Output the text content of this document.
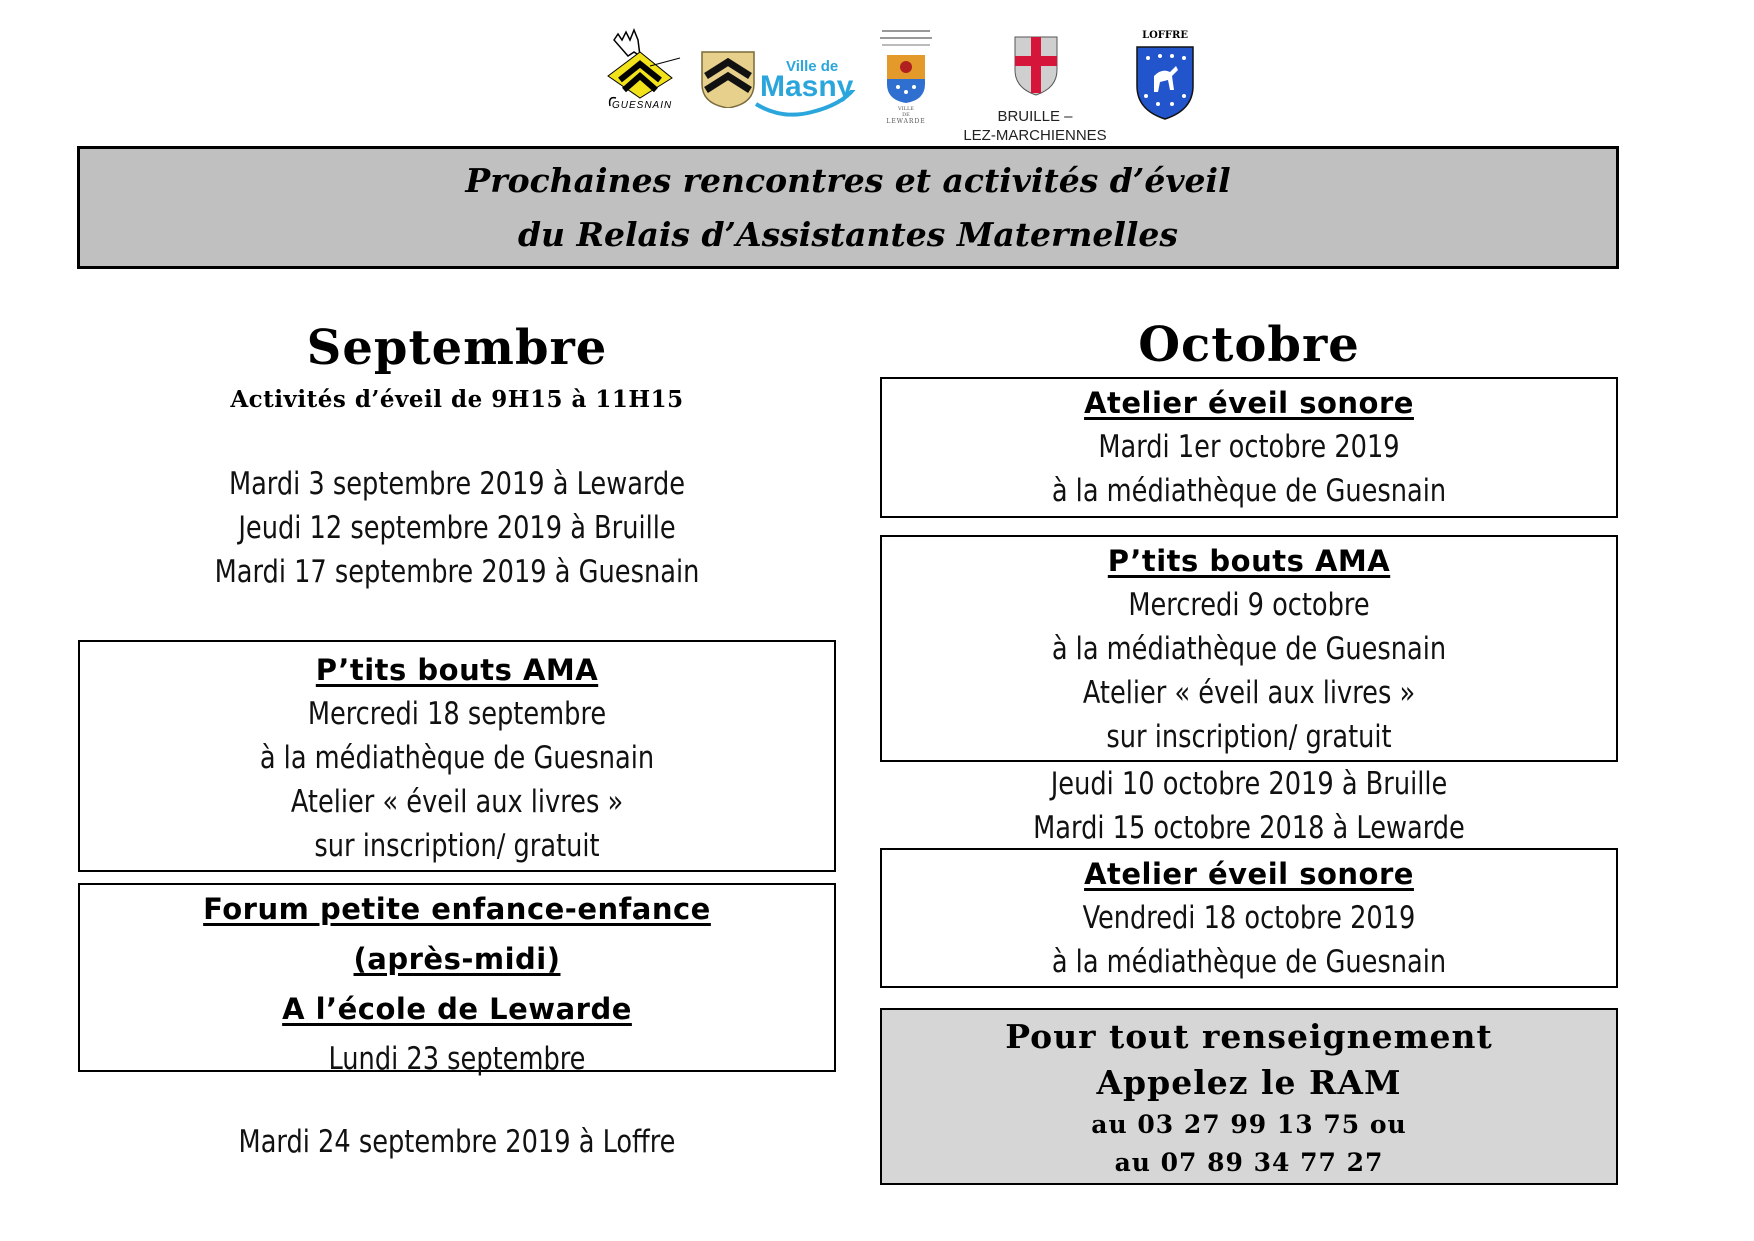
GUESNAIN
Ville de
Masny
VILLE
DE
LEWARDE	BRUILLE –
LEZ-MARCHIENNES
LOFFRE
Prochaines rencontres et activités d’éveil
du Relais d’Assistantes Maternelles
Septembre
Activités d’éveil de 9H15 à 11H15
Mardi 3 septembre 2019 à Lewarde
Jeudi 12 septembre 2019 à Bruille
Mardi 17 septembre 2019 à Guesnain
P’tits bouts AMA
Mercredi 18 septembre
à la médiathèque de Guesnain
Atelier « éveil aux livres »
sur inscription/ gratuit
Forum petite enfance-enfance
(après-midi)
A l’école de Lewarde
Lundi 23 septembre
Mardi 24 septembre 2019 à Loffre
Octobre
Atelier éveil sonore
Mardi 1er octobre 2019
à la médiathèque de Guesnain
P’tits bouts AMA
Mercredi 9 octobre
à la médiathèque de Guesnain
Atelier « éveil aux livres »
sur inscription/ gratuit
Jeudi 10 octobre 2019 à Bruille
Mardi 15 octobre 2018 à Lewarde
Atelier éveil sonore
Vendredi 18 octobre 2019
à la médiathèque de Guesnain
Pour tout renseignement
Appelez le RAM
au 03 27 99 13 75 ou
au 07 89 34 77 27
